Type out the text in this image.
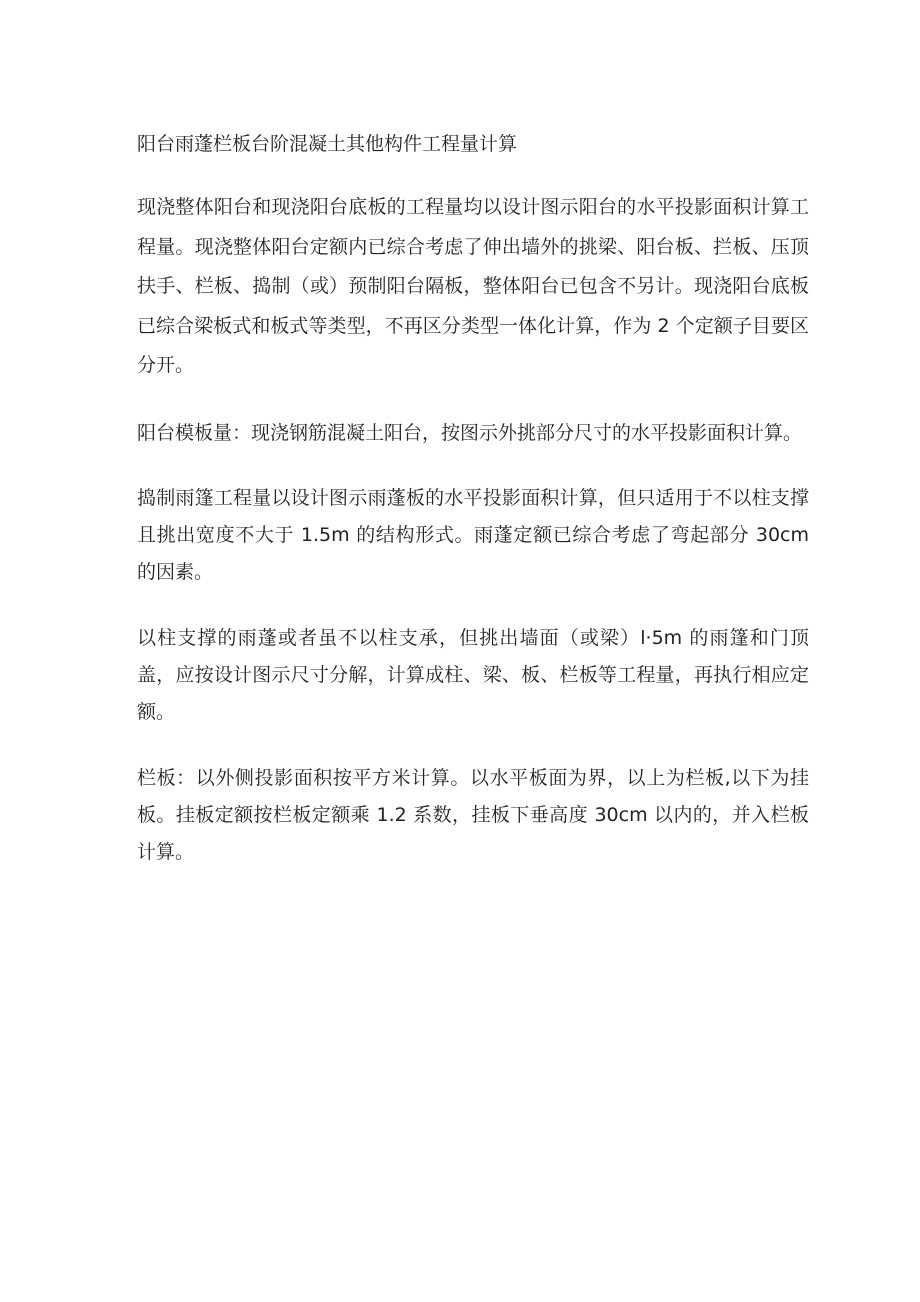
阳台雨蓬栏板台阶混凝土其他构件工程量计算

现浇整体阳台和现浇阳台底板的工程量均以设计图示阳台的水平投影面积计算工程量。现浇整体阳台定额内已综合考虑了伸出墙外的挑梁、阳台板、拦板、压顶扶手、栏板、捣制（或）预制阳台隔板，整体阳台已包含不另计。现浇阳台底板已综合梁板式和板式等类型，不再区分类型一体化计算，作为 2 个定额子目要区分开。

阳台模板量：现浇钢筋混凝土阳台，按图示外挑部分尺寸的水平投影面积计算。

捣制雨篷工程量以设计图示雨蓬板的水平投影面积计算，但只适用于不以柱支撑且挑出宽度不大于 1.5m 的结构形式。雨蓬定额已综合考虑了弯起部分 30cm 的因素。

以柱支撑的雨蓬或者虽不以柱支承，但挑出墙面（或梁）l·5m 的雨篷和门顶盖，应按设计图示尺寸分解，计算成柱、梁、板、栏板等工程量，再执行相应定额。

栏板：以外侧投影面积按平方米计算。以水平板面为界，以上为栏板,以下为挂板。挂板定额按栏板定额乘 1.2 系数，挂板下垂高度 30cm 以内的，并入栏板计算。
